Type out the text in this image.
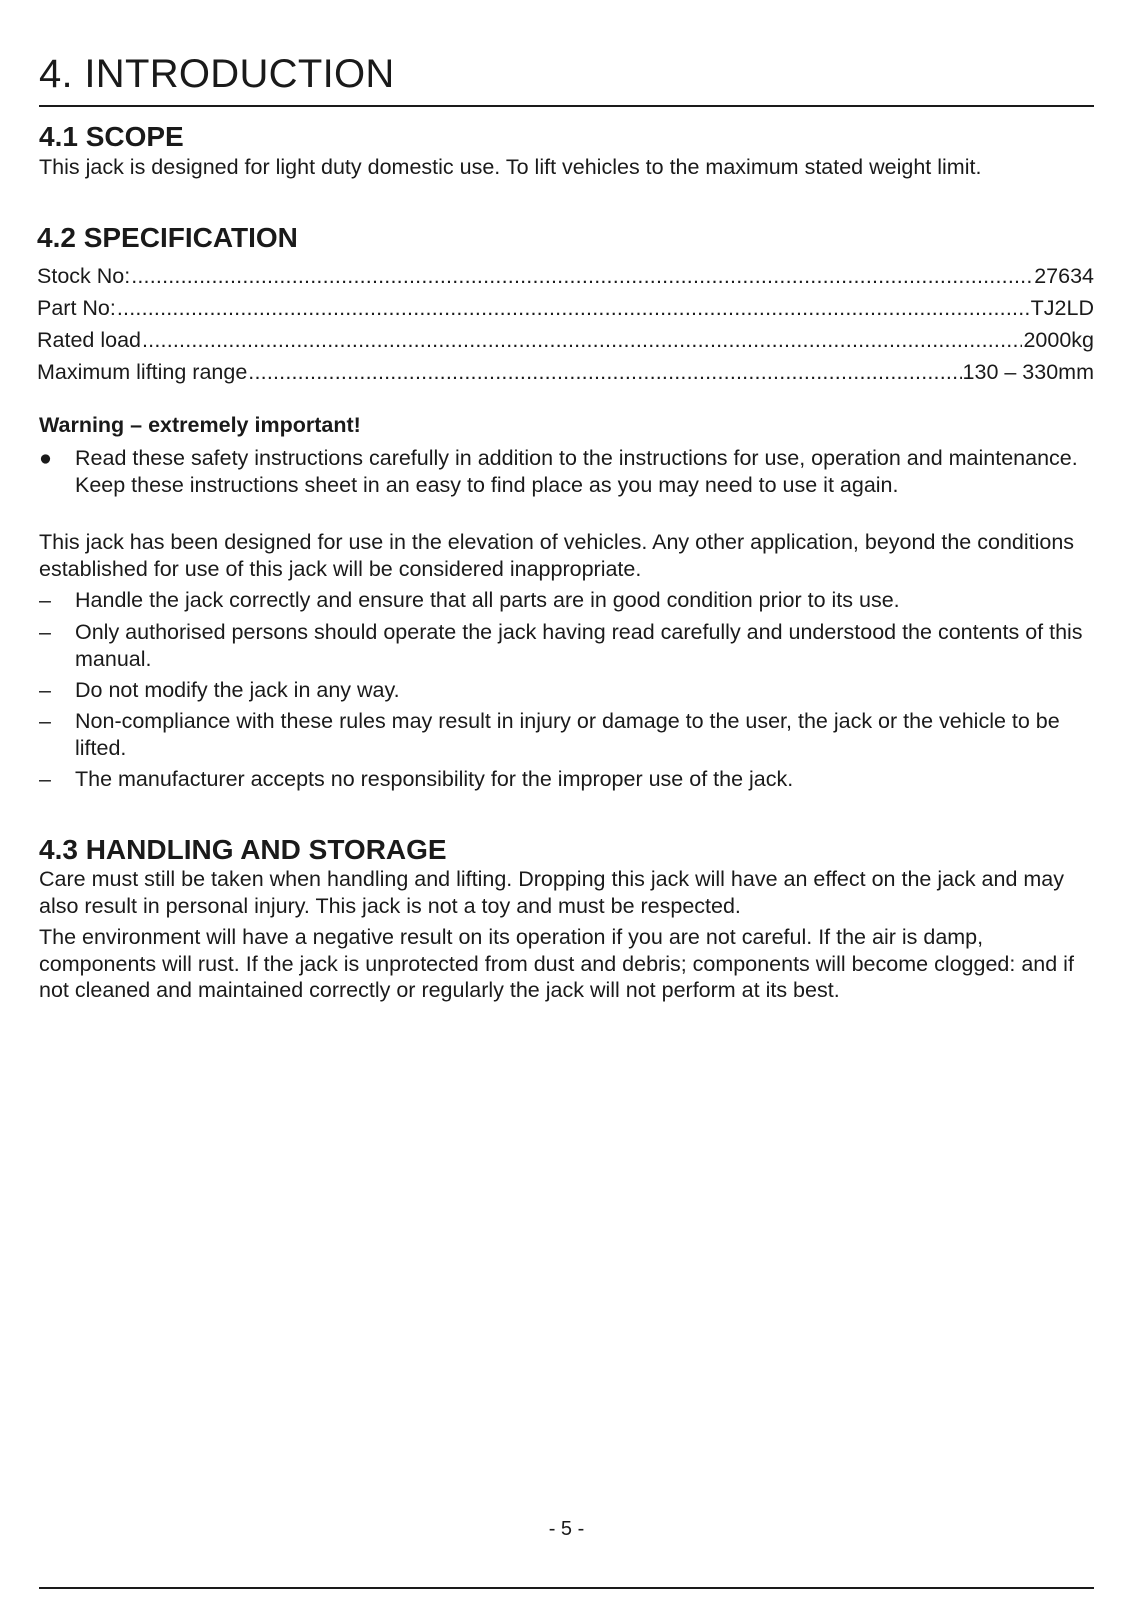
4. INTRODUCTION
4.1 SCOPE

This jack is designed for light duty domestic use. To lift vehicles to the maximum stated weight limit.

4.2 SPECIFICATION
Stock No: .....	27634
Part No: .....	TJ2LD
Rated load .....	2000kg
Maximum lifting range .....	130 – 330mm

Warning – extremely important!

●	Read these safety instructions carefully in addition to the instructions for use, operation and maintenance. Keep these instructions sheet in an easy to find place as you may need to use it again.

This jack has been designed for use in the elevation of vehicles. Any other application, beyond the conditions established for use of this jack will be considered inappropriate.

–	Handle the jack correctly and ensure that all parts are in good condition prior to its use.
–	Only authorised persons should operate the jack having read carefully and understood the contents of this manual.
–	Do not modify the jack in any way.
–	Non-compliance with these rules may result in injury or damage to the user, the jack or the vehicle to be lifted.
–	The manufacturer accepts no responsibility for the improper use of the jack.
4.3 HANDLING AND STORAGE

Care must still be taken when handling and lifting. Dropping this jack will have an effect on the jack and may also result in personal injury. This jack is not a toy and must be respected.

The environment will have a negative result on its operation if you are not careful. If the air is damp, components will rust. If the jack is unprotected from dust and debris; components will become clogged: and if not cleaned and maintained correctly or regularly the jack will not perform at its best.

- 5 -
